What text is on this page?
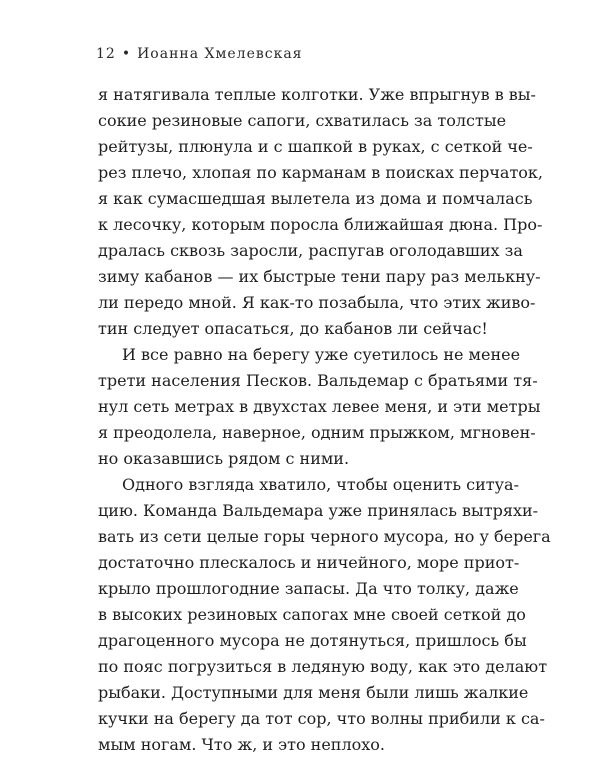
12 • Иоанна Хмелевская
я натягивала теплые колготки. Уже впрыгнув в вы-
сокие резиновые сапоги, схватилась за толстые
рейтузы, плюнула и с шапкой в руках, с сеткой че-
рез плечо, хлопая по карманам в поисках перчаток,
я как сумасшедшая вылетела из дома и помчалась
к лесочку, которым поросла ближайшая дюна. Про-
дралась сквозь заросли, распугав оголодавших за
зиму кабанов — их быстрые тени пару раз мелькну-
ли передо мной. Я как-то позабыла, что этих живо-
тин следует опасаться, до кабанов ли сейчас!
И все равно на берегу уже суетилось не менее
трети населения Песков. Вальдемар с братьями тя-
нул сеть метрах в двухстах левее меня, и эти метры
я преодолела, наверное, одним прыжком, мгновен-
но оказавшись рядом с ними.
Одного взгляда хватило, чтобы оценить ситуа-
цию. Команда Вальдемара уже принялась вытряхи-
вать из сети целые горы черного мусора, но у берега
достаточно плескалось и ничейного, море приот-
крыло прошлогодние запасы. Да что толку, даже
в высоких резиновых сапогах мне своей сеткой до
драгоценного мусора не дотянуться, пришлось бы
по пояс погрузиться в ледяную воду, как это делают
рыбаки. Доступными для меня были лишь жалкие
кучки на берегу да тот сор, что волны прибили к са-
мым ногам. Что ж, и это неплохо.
